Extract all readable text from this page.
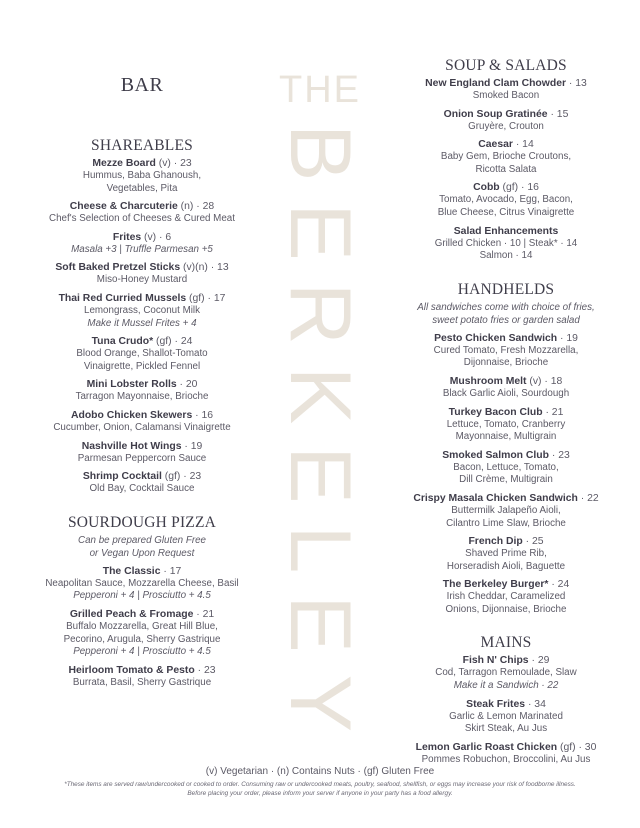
THE
BERKELEY
BAR
SHAREABLES
Mezze Board (v) · 23
Hummus, Baba Ghanoush,
Vegetables, Pita
Cheese & Charcuterie (n) · 28
Chef's Selection of Cheeses & Cured Meat
Frites (v) · 6
Masala +3 | Truffle Parmesan +5
Soft Baked Pretzel Sticks (v)(n) · 13
Miso-Honey Mustard
Thai Red Curried Mussels (gf) · 17
Lemongrass, Coconut Milk
Make it Mussel Frites + 4
Tuna Crudo* (gf) · 24
Blood Orange, Shallot-Tomato
Vinaigrette, Pickled Fennel
Mini Lobster Rolls · 20
Tarragon Mayonnaise, Brioche
Adobo Chicken Skewers · 16
Cucumber, Onion, Calamansi Vinaigrette
Nashville Hot Wings · 19
Parmesan Peppercorn Sauce
Shrimp Cocktail (gf) · 23
Old Bay, Cocktail Sauce
SOURDOUGH PIZZA
Can be prepared Gluten Free
or Vegan Upon Request
The Classic · 17
Neapolitan Sauce, Mozzarella Cheese, Basil
Pepperoni + 4 | Prosciutto + 4.5
Grilled Peach & Fromage · 21
Buffalo Mozzarella, Great Hill Blue,
Pecorino, Arugula, Sherry Gastrique
Pepperoni + 4 | Prosciutto + 4.5
Heirloom Tomato & Pesto · 23
Burrata, Basil, Sherry Gastrique
SOUP & SALADS
New England Clam Chowder · 13
Smoked Bacon
Onion Soup Gratinée · 15
Gruyère, Crouton
Caesar · 14
Baby Gem, Brioche Croutons,
Ricotta Salata
Cobb (gf) · 16
Tomato, Avocado, Egg, Bacon,
Blue Cheese, Citrus Vinaigrette
Salad Enhancements
Grilled Chicken · 10 | Steak* · 14
Salmon · 14
HANDHELDS
All sandwiches come with choice of fries,
sweet potato fries or garden salad
Pesto Chicken Sandwich · 19
Cured Tomato, Fresh Mozzarella,
Dijonnaise, Brioche
Mushroom Melt (v) · 18
Black Garlic Aioli, Sourdough
Turkey Bacon Club · 21
Lettuce, Tomato, Cranberry
Mayonnaise, Multigrain
Smoked Salmon Club · 23
Bacon, Lettuce, Tomato,
Dill Crème, Multigrain
Crispy Masala Chicken Sandwich · 22
Buttermilk Jalapeño Aioli,
Cilantro Lime Slaw, Brioche
French Dip · 25
Shaved Prime Rib,
Horseradish Aioli, Baguette
The Berkeley Burger* · 24
Irish Cheddar, Caramelized
Onions, Dijonnaise, Brioche
MAINS
Fish N' Chips · 29
Cod, Tarragon Remoulade, Slaw
Make it a Sandwich · 22
Steak Frites · 34
Garlic & Lemon Marinated
Skirt Steak, Au Jus
Lemon Garlic Roast Chicken (gf) · 30
Pommes Robuchon, Broccolini, Au Jus
(v) Vegetarian · (n) Contains Nuts · (gf) Gluten Free
*These items are served raw/undercooked or cooked to order. Consuming raw or undercooked meats, poultry, seafood, shellfish, or eggs may increase your risk of foodborne illness. Before placing your order, please inform your server if anyone in your party has a food allergy.
